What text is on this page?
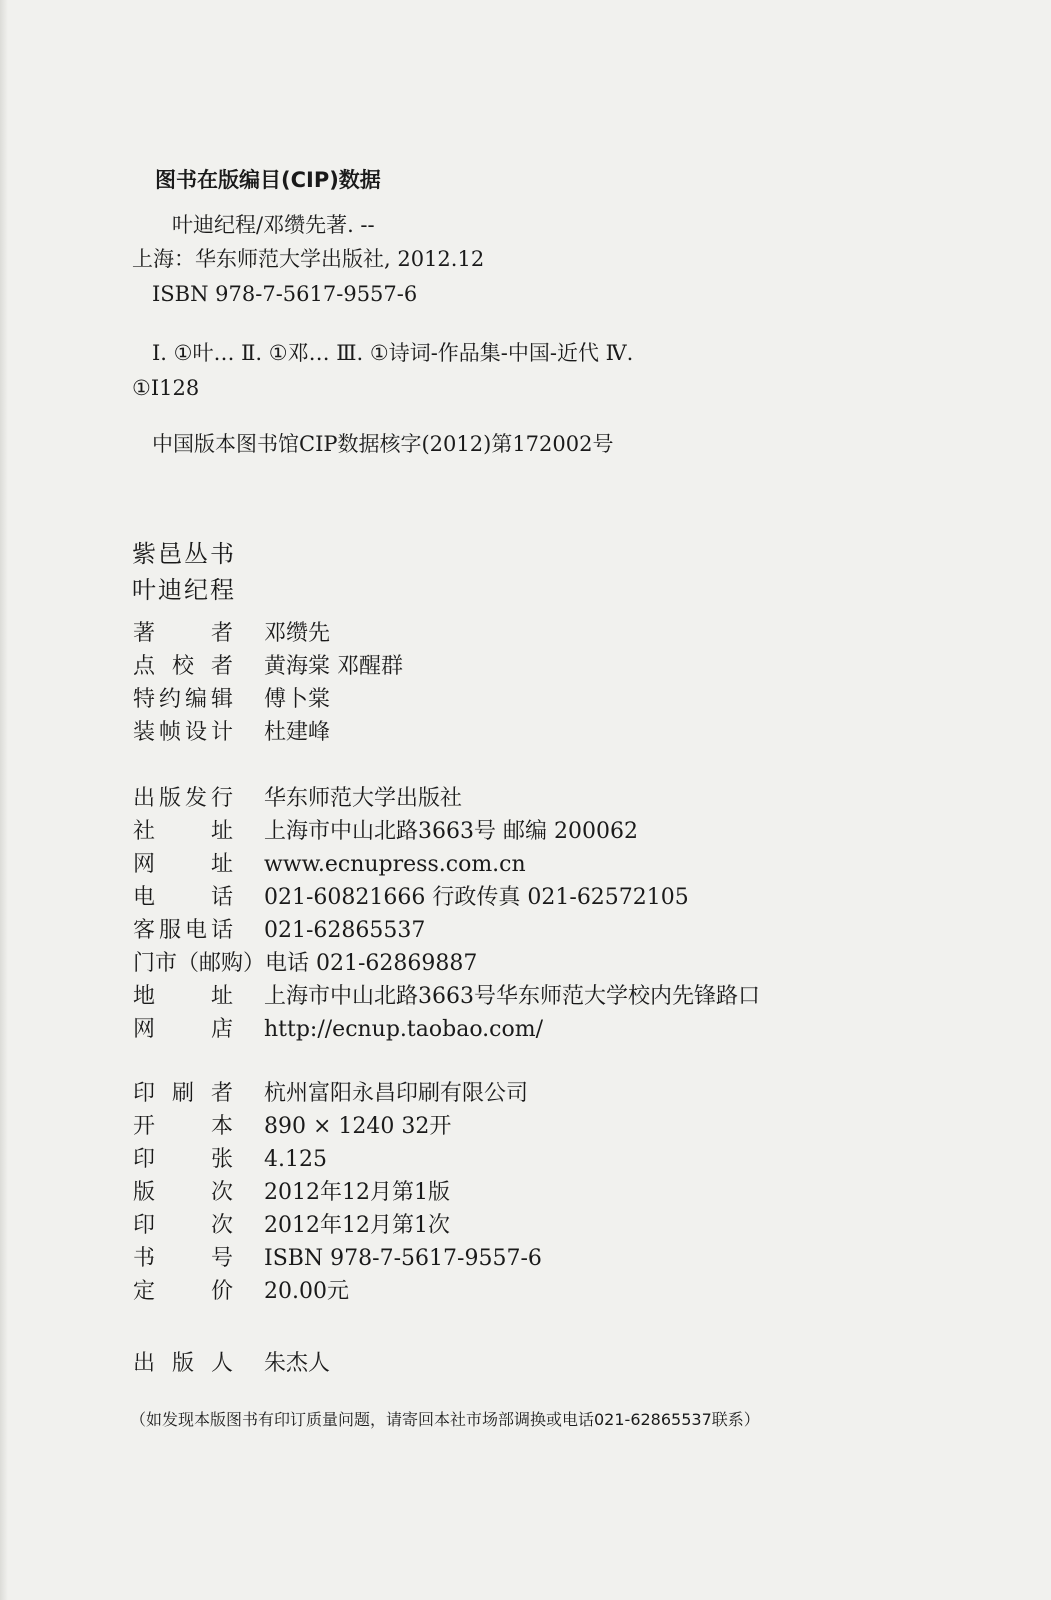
图书在版编目(CIP)数据
叶迪纪程/邓缵先著. --
上海：华东师范大学出版社, 2012.12
ISBN 978-7-5617-9557-6
Ⅰ. ①叶… Ⅱ. ①邓… Ⅲ. ①诗词-作品集-中国-近代 Ⅳ.
①I128
中国版本图书馆CIP数据核字(2012)第172002号
紫邑丛书
叶迪纪程
著者 邓缵先
点校者 黄海棠 邓醒群
特约编辑 傅卜棠
装帧设计 杜建峰
出版发行 华东师范大学出版社
社址 上海市中山北路3663号 邮编 200062
网址 www.ecnupress.com.cn
电话 021-60821666 行政传真 021-62572105
客服电话 021-62865537
门市（邮购）电话 021-62869887
地址 上海市中山北路3663号华东师范大学校内先锋路口
网店 http://ecnup.taobao.com/
印刷者 杭州富阳永昌印刷有限公司
开本 890 × 1240 32开
印张 4.125
版次 2012年12月第1版
印次 2012年12月第1次
书号 ISBN 978-7-5617-9557-6
定价 20.00元
出版人 朱杰人
（如发现本版图书有印订质量问题，请寄回本社市场部调换或电话021-62865537联系）
